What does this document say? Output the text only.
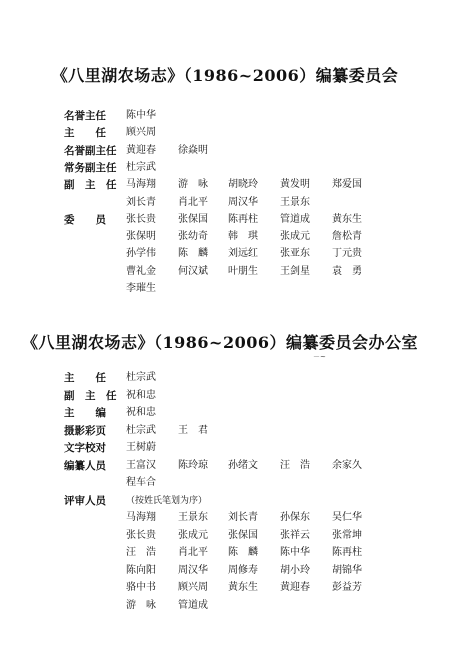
《八里湖农场志》（1986~2006）编纂委员会
名誉主任	陈中华
主　　任	顾兴周
名誉副主任 黄迎春 徐焱明
常务副主任 杜宗武
副　主　任 马海翔 游　咏 胡晓玲 黄发明 郑爱国
刘长青 肖北平 周汉华 王景东
委　　员	张长贵 张保国 陈再柱 管道成 黄东生
张保明 张幼奇 韩　琪 张成元 詹松青
孙学伟 陈　麟 刘远红 张亚东 丁元贵
曹礼金 何汉斌 叶朋生 王剑星 袁　勇
李璀生
《八里湖农场志》（1986~2006）编纂委员会办公室
－~
主　　任	杜宗武
副　主　任 祝和忠
主　　编	祝和忠
摄影彩页	杜宗武 王　君
文字校对	王树蔚
编纂人员	王富汉 陈玲琼 孙绪文 汪　浩 余家久
程车合
评审人员	（按姓氏笔划为序）
马海翔 王景东 刘长青 孙保东 吴仁华
张长贵 张成元 张保国 张祥云 张常坤
汪　浩 肖北平 陈　麟 陈中华 陈再柱
陈向阳 周汉华 周修寿 胡小玲 胡锦华
骆中书 顾兴周 黄东生 黄迎春 彭益芳
游　咏 管道成
